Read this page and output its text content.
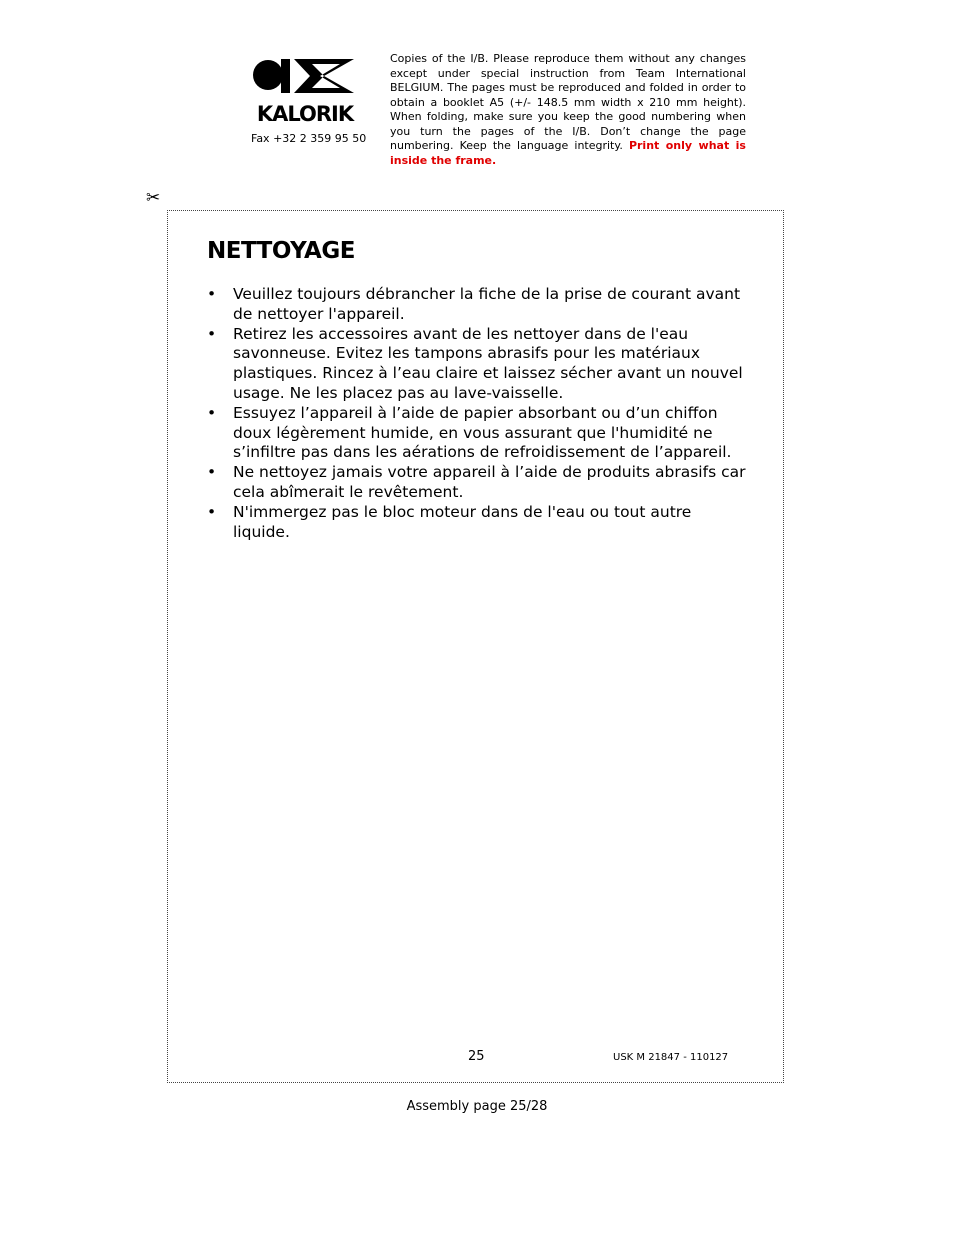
KALORIK
Fax +32 2 359 95 50
Copies of the I/B. Please reproduce them without any changes except under special instruction from Team International BELGIUM. The pages must be reproduced and folded in order to obtain a booklet A5 (+/- 148.5 mm width x 210 mm height). When folding, make sure you keep the good numbering when you turn the pages of the I/B. Don’t change the page numbering. Keep the language integrity. Print only what is inside the frame.
✂
NETTOYAGE
• Veuillez toujours débrancher la fiche de la prise de courant avant de nettoyer l'appareil.
• Retirez les accessoires avant de les nettoyer dans de l'eau savonneuse. Evitez les tampons abrasifs pour les matériaux plastiques. Rincez à l’eau claire et laissez sécher avant un nouvel usage. Ne les placez pas au lave-vaisselle.
• Essuyez l’appareil à l’aide de papier absorbant ou d’un chiffon doux légèrement humide, en vous assurant que l'humidité ne s’infiltre pas dans les aérations de refroidissement de l’appareil.
• Ne nettoyez jamais votre appareil à l’aide de produits abrasifs car cela abîmerait le revêtement.
• N'immergez pas le bloc moteur dans de l'eau ou tout autre liquide.
25	USK M 21847 - 110127
Assembly page 25/28
